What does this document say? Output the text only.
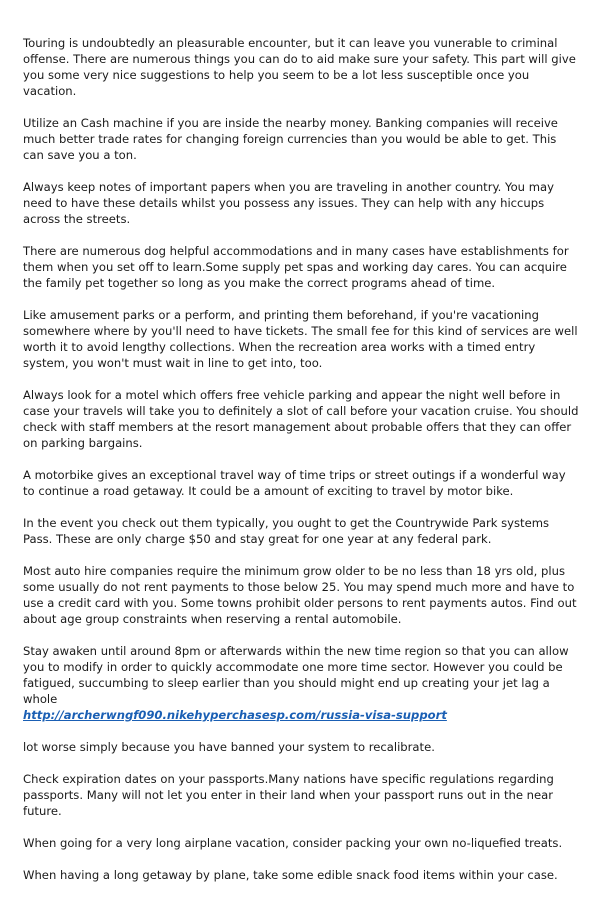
Touring is undoubtedly an pleasurable encounter, but it can leave you vunerable to criminal offense. There are numerous things you can do to aid make sure your safety. This part will give you some very nice suggestions to help you seem to be a lot less susceptible once you vacation.

Utilize an Cash machine if you are inside the nearby money. Banking companies will receive much better trade rates for changing foreign currencies than you would be able to get. This can save you a ton.

Always keep notes of important papers when you are traveling in another country. You may need to have these details whilst you possess any issues. They can help with any hiccups across the streets.

There are numerous dog helpful accommodations and in many cases have establishments for them when you set off to learn.Some supply pet spas and working day cares. You can acquire the family pet together so long as you make the correct programs ahead of time.

Like amusement parks or a perform, and printing them beforehand, if you're vacationing somewhere where by you'll need to have tickets. The small fee for this kind of services are well worth it to avoid lengthy collections. When the recreation area works with a timed entry system, you won't must wait in line to get into, too.

Always look for a motel which offers free vehicle parking and appear the night well before in case your travels will take you to definitely a slot of call before your vacation cruise. You should check with staff members at the resort management about probable offers that they can offer on parking bargains.

A motorbike gives an exceptional travel way of time trips or street outings if a wonderful way to continue a road getaway. It could be a amount of exciting to travel by motor bike.

In the event you check out them typically, you ought to get the Countrywide Park systems Pass. These are only charge $50 and stay great for one year at any federal park.

Most auto hire companies require the minimum grow older to be no less than 18 yrs old, plus some usually do not rent payments to those below 25. You may spend much more and have to use a credit card with you. Some towns prohibit older persons to rent payments autos. Find out about age group constraints when reserving a rental automobile.

Stay awaken until around 8pm or afterwards within the new time region so that you can allow you to modify in order to quickly accommodate one more time sector. However you could be fatigued, succumbing to sleep earlier than you should might end up creating your jet lag a whole

http://archerwngf090.nikehyperchasesp.com/russia-visa-support

lot worse simply because you have banned your system to recalibrate.

Check expiration dates on your passports.Many nations have specific regulations regarding passports. Many will not let you enter in their land when your passport runs out in the near future.

When going for a very long airplane vacation, consider packing your own no-liquefied treats.

When having a long getaway by plane, take some edible snack food items within your case.
